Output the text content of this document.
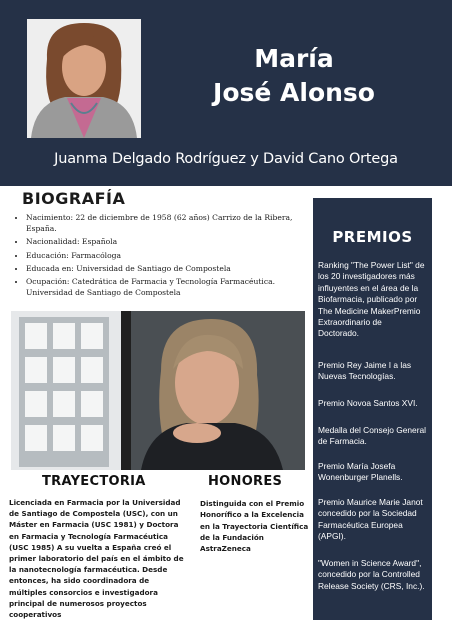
María
José Alonso
Juanma Delgado Rodríguez y David Cano Ortega
BIOGRAFÍA
• Nacimiento: 22 de diciembre de 1958 (62 años) Carrizo de la Ribera, España.
• Nacionalidad: Española
• Educación: Farmacóloga
• Educada en: Universidad de Santiago de Compostela
• Ocupación: Catedrática de Farmacia y Tecnología Farmacéutica. Universidad de Santiago de Compostela
PREMIOS
Ranking "The Power List" de
los 20 investigadores más
influyentes en el área de la
Biofarmacia, publicado por
The Medicine MakerPremio
Extraordinario de
Doctorado.
Premio Rey Jaime I a las
Nuevas Tecnologías.
Premio Novoa Santos XVI.
Medalla del Consejo General
de Farmacia.
Premio María Josefa
Wonenburger Planells.
Premio Maurice Marie Janot
concedido por la Sociedad
Farmacéutica Europea
(APGI).
"Women in Science Award",
concedido por la Controlled
Release Society (CRS, Inc.).
TRAYECTORIA	HONORES
Licenciada en Farmacia por la Universidad de Santiago de Compostela (USC), con un Máster en Farmacia (USC 1981) y Doctora en Farmacia y Tecnología Farmacéutica (USC 1985) A su vuelta a España creó el primer laboratorio del país en el ámbito de la nanotecnología farmacéutica. Desde entonces, ha sido coordinadora de múltiples consorcios e investigadora principal de numerosos proyectos cooperativos
Distinguida con el Premio Honorífico a la Excelencia en la Trayectoria Científica de la Fundación AstraZeneca
